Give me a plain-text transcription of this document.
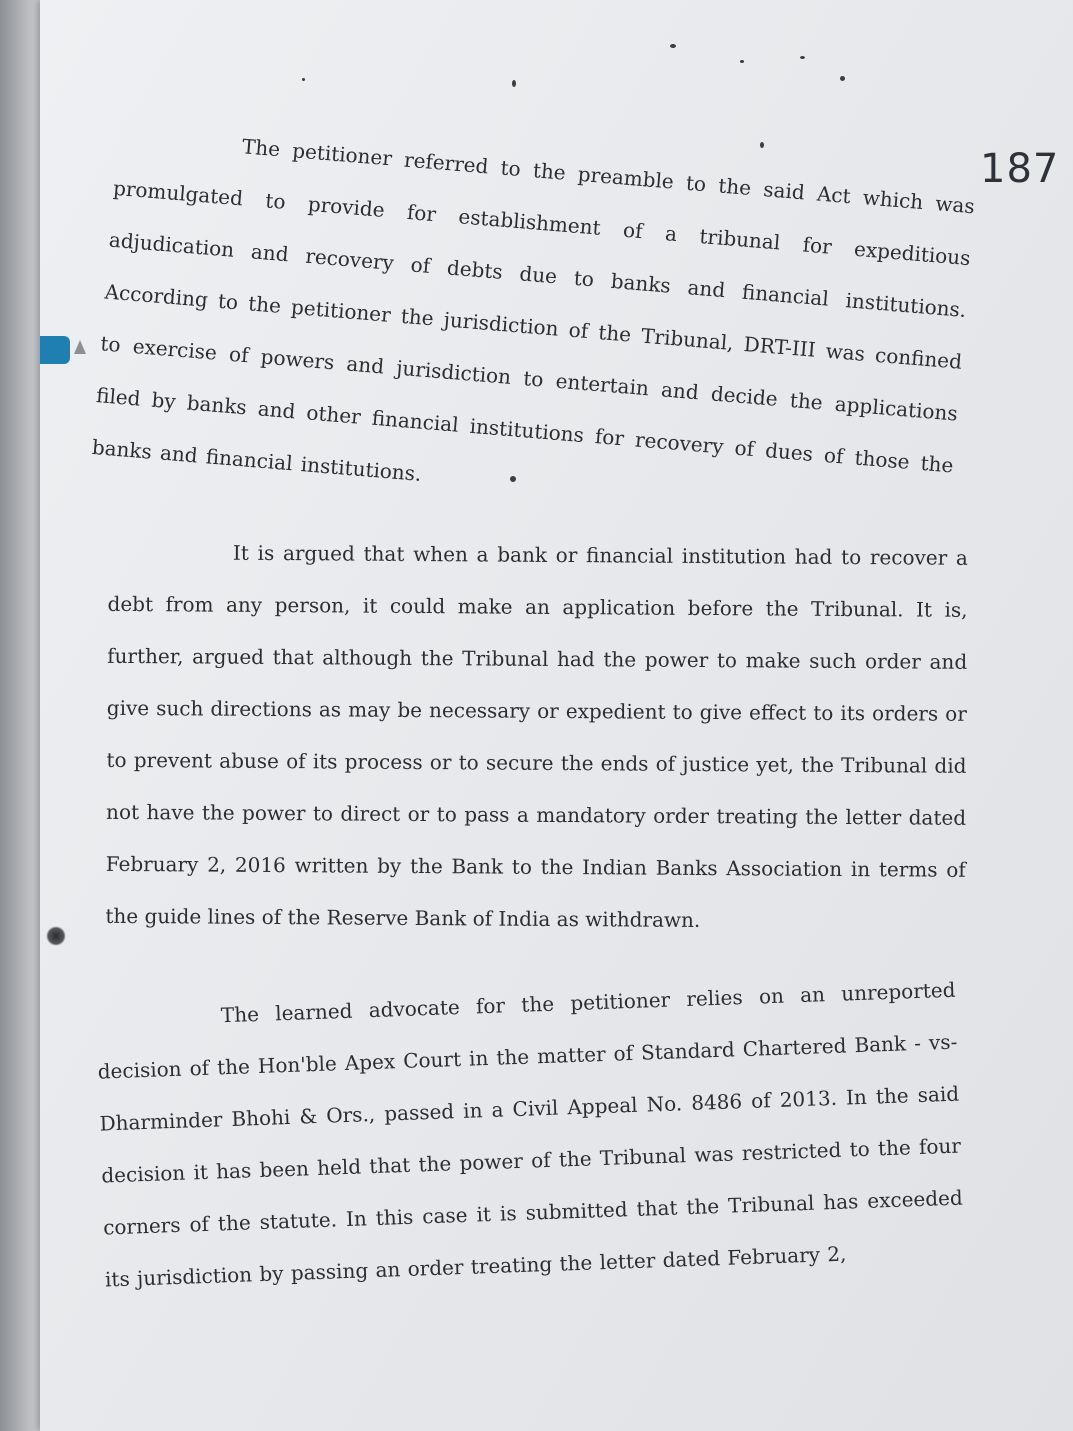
187

The petitioner referred to the preamble to the said Act which was promulgated to provide for establishment of a tribunal for expeditious adjudication and recovery of debts due to banks and financial institutions. According to the petitioner the jurisdiction of the Tribunal, DRT-III was confined to exercise of powers and jurisdiction to entertain and decide the applications filed by banks and other financial institutions for recovery of dues of those the banks and financial institutions.

It is argued that when a bank or financial institution had to recover a debt from any person, it could make an application before the Tribunal. It is, further, argued that although the Tribunal had the power to make such order and give such directions as may be necessary or expedient to give effect to its orders or to prevent abuse of its process or to secure the ends of justice yet, the Tribunal did not have the power to direct or to pass a mandatory order treating the letter dated February 2, 2016 written by the Bank to the Indian Banks Association in terms of the guide lines of the Reserve Bank of India as withdrawn.

The learned advocate for the petitioner relies on an unreported decision of the Hon'ble Apex Court in the matter of Standard Chartered Bank - vs- Dharminder Bhohi & Ors., passed in a Civil Appeal No. 8486 of 2013. In the said decision it has been held that the power of the Tribunal was restricted to the four corners of the statute. In this case it is submitted that the Tribunal has exceeded its jurisdiction by passing an order treating the letter dated February 2,
